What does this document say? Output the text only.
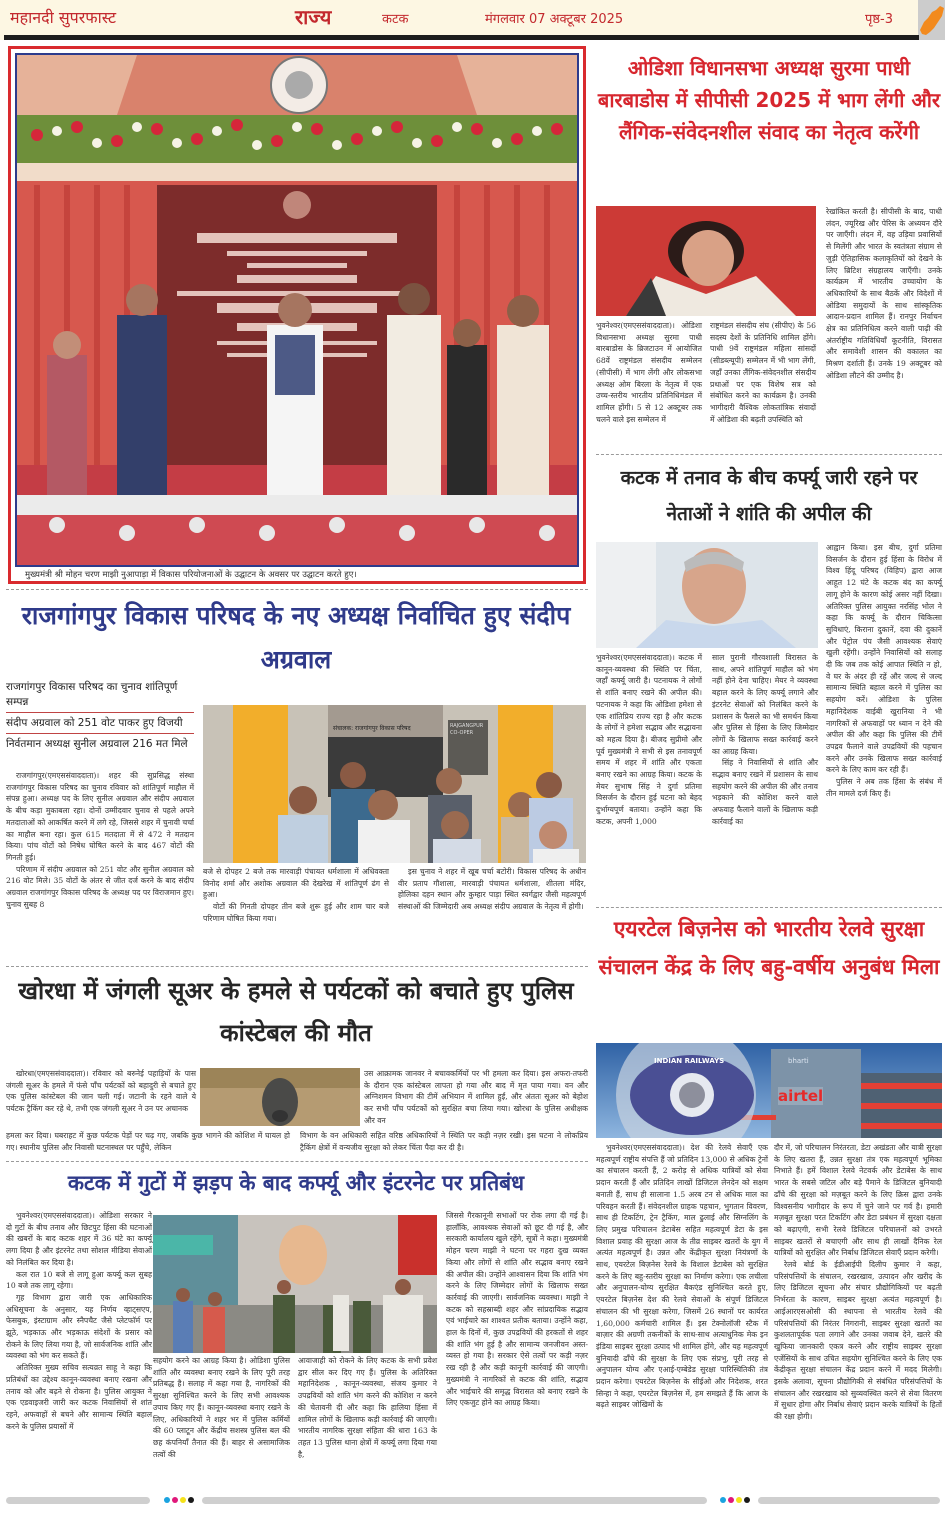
महानदी सुपरफास्ट	राज्य	कटक	मंगलवार 07 अक्टूबर 2025	पृष्ठ-3
मुख्यमंत्री श्री मोहन चरण माझी नुआपाड़ा में विकास परियोजनाओं के उद्घाटन के अवसर पर उद्घाटन करते हुए।
ओडिशा विधानसभा अध्यक्ष सुरमा पाधी बारबाडोस में सीपीसी 2025 में भाग लेंगी और लैंगिक-संवेदनशील संवाद का नेतृत्व करेंगी
भुवनेश्वर(एमएससंवाददाता)। ओडिशा विधानसभा अध्यक्ष सुरमा पाधी बारबाडोस के ब्रिजटाउन में आयोजित 68वें राष्ट्रमंडल संसदीय सम्मेलन (सीपीसी) में भाग लेंगी और लोकसभा अध्यक्ष ओम बिरला के नेतृत्व में एक उच्च-स्तरीय भारतीय प्रतिनिधिमंडल में शामिल होंगी। 5 से 12 अक्टूबर तक चलने वाले इस सम्मेलन में
राष्ट्रमंडल संसदीय संघ (सीपीए) के 56 सदस्य देशों के प्रतिनिधि शामिल होंगे। पाधी 9वें राष्ट्रमंडल महिला सांसदों (सीडब्ल्यूपी) सम्मेलन में भी भाग लेंगी, जहाँ उनका लैंगिक-संवेदनशील संसदीय प्रथाओं पर एक विशेष सत्र को संबोधित करने का कार्यक्रम है। उनकी भागीदारी वैश्विक लोकतांत्रिक संवादों में ओडिशा की बढ़ती उपस्थिति को
रेखांकित करती है। सीपीसी के बाद, पाधी लंदन, ज्यूरिख और पेरिस के अध्ययन दौरे पर जाएँगी। लंदन में, वह उड़िया प्रवासियों से मिलेंगी और भारत के स्वतंत्रता संग्राम से जुड़ी ऐतिहासिक कलाकृतियों को देखने के लिए ब्रिटिश संग्रहालय जाएँगी। उनके कार्यक्रम में भारतीय उच्चायोग के अधिकारियों के साथ बैठकें और विदेशों में ओडिया समुदायों के साथ सांस्कृतिक आदान-प्रदान शामिल हैं। रानपुर निर्वाचन क्षेत्र का प्रतिनिधित्व करने वाली पाढ़ी की अंतर्राष्ट्रीय गतिविधियाँ कूटनीति, विरासत और समावेशी शासन की वकालत का मिश्रण दर्शाती हैं। उनके 19 अक्टूबर को ओडिशा लौटने की उम्मीद है।
कटक में तनाव के बीच कर्फ्यू जारी रहने पर नेताओं ने शांति की अपील की
भुवनेश्वर(एमएससंवाददाता)। कटक में कानून-व्यवस्था की स्थिति पर चिंता, जहाँ कर्फ्यू जारी है। पटनायक ने लोगों से शांति बनाए रखने की अपील की। पटनायक ने कहा कि ओडिशा हमेशा से एक शांतिप्रिय राज्य रहा है और कटक के लोगों ने हमेशा सद्भाव और सद्भावना को महत्व दिया है। बीजद सुप्रीमो और पूर्व मुख्यमंत्री ने सभी से इस तनावपूर्ण समय में शहर में शांति और एकता बनाए रखने का आग्रह किया। कटक के मेयर सुभाष सिंह ने दुर्गा प्रतिमा विसर्जन के दौरान हुई घटना को बेहद दुर्भाग्यपूर्ण बताया। उन्होंने कहा कि कटक, अपनी 1,000

साल पुरानी गौरवशाली विरासत के साथ, अपने शांतिपूर्ण माहौल को भंग नहीं होने देना चाहिए। मेयर ने व्यवस्था बहाल करने के लिए कर्फ्यू लगाने और इंटरनेट सेवाओं को निलंबित करने के प्रशासन के फैसले का भी समर्थन किया और पुलिस से हिंसा के लिए जिम्मेदार लोगों के खिलाफ सख्त कार्रवाई करने का आग्रह किया।

सिंह ने निवासियों से शांति और सद्भाव बनाए रखने में प्रशासन के साथ सहयोग करने की अपील की और तनाव भड़काने की कोशिश करने वाले अफवाह फैलाने वालों के खिलाफ कड़ी कार्रवाई का

आह्वान किया। इस बीच, दुर्गा प्रतिमा विसर्जन के दौरान हुई हिंसा के विरोध में विश्व हिंदू परिषद (विहिप) द्वारा आज आहूत 12 घंटे के कटक बंद का कर्फ्यू लागू होने के कारण कोई असर नहीं दिखा। अतिरिक्त पुलिस आयुक्त नरसिंह भोल ने कहा कि कर्फ्यू के दौरान चिकित्सा सुविधाएं, किराना दुकानें, दवा की दुकानें और पेट्रोल पंप जैसी आवश्यक सेवाएं खुली रहेंगी। उन्होंने निवासियों को सलाह दी कि जब तक कोई आपात स्थिति न हो, वे घर के अंदर ही रहें और जल्द से जल्द सामान्य स्थिति बहाल करने में पुलिस का सहयोग करें। ओडिशा के पुलिस महानिदेशक वाईबी खुरानिया ने भी नागरिकों से अफवाहों पर ध्यान न देने की अपील की और कहा कि पुलिस की टीमें उपद्रव फैलाने वाले उपद्रवियों की पहचान करने और उनके खिलाफ सख्त कार्रवाई करने के लिए काम कर रही हैं।

पुलिस ने अब तक हिंसा के संबंध में तीन मामले दर्ज किए हैं।

राजगांगपुर विकास परिषद के नए अध्यक्ष निर्वाचित हुए संदीप अग्रवाल
राजगांगपुर विकास परिषद का चुनाव शांतिपूर्ण सम्पन्न
संदीप अग्रवाल को 251 वोट पाकर हुए विजयी
निर्वतमान अध्यक्ष सुनील अग्रवाल 216 मत मिले

राजगांगपुर(एमएससंवाददाता)। शहर की सुप्रसिद्ध संस्था राजगांगपुर विकास परिषद का चुनाव रविवार को शांतिपूर्ण माहौल में संपन्न हुआ। अध्यक्ष पद के लिए सुनील अग्रवाल और संदीप अग्रवाल के बीच कड़ा मुकाबला रहा। दोनों उम्मीदवार चुनाव से पहले अपने मतदाताओं को आकर्षित करने में लगे रहे, जिससे शहर में चुनावी चर्चा का माहौल बना रहा। कुल 615 मतदाता में से 472 ने मतदान किया। पांच वोटों को निषेध घोषित करने के बाद 467 वोटों की गिनती हुई।

परिणाम में संदीप अग्रवाल को 251 वोट और सुनील अग्रवाल को 216 वोट मिले। 35 वोटों के अंतर से जीत दर्ज करने के बाद संदीप अग्रवाल राजगांगपुर विकास परिषद के अध्यक्ष पद पर विराजमान हुए। चुनाव सुबह 8

संचालक: राजगांगपुर विकास परिषद	RAJGANGPUR CO-OPER

बजे से दोपहर 2 बजे तक मारवाड़ी पंचायत धर्मशाला में अधिवक्ता विनोद शर्मा और अशोक अग्रवाल की देखरेख में शांतिपूर्ण ढंग से हुआ।

वोटों की गिनती दोपहर तीन बजे शुरू हुई और शाम चार बजे परिणाम घोषित किया गया।

इस चुनाव ने शहर में खूब चर्चा बटोरी। विकास परिषद के अधीन वीर प्रताप गौशाला, मारवाड़ी पंचायत धर्मशाला, शीतला मंदिर, होलिका दहन स्थान और कुम्हार पाड़ा स्थित स्वर्गद्वार जैसी महत्वपूर्ण संस्थाओं की जिम्मेदारी अब अध्यक्ष संदीप अग्रवाल के नेतृत्व में होगी।

खोरधा में जंगली सूअर के हमले से पर्यटकों को बचाते हुए पुलिस कांस्टेबल की मौत

खोरधा(एमएससंवाददाता)। रविवार को बरुनेई पहाड़ियों के पास जंगली सूअर के हमले में फंसे पाँच पर्यटकों को बहादुरी से बचाते हुए एक पुलिस कांस्टेबल की जान चली गई। जटानी के रहने वाले ये पर्यटक ट्रैकिंग कर रहे थे, तभी एक जंगली सूअर ने उन पर अचानक

उस आक्रामक जानवर ने बचावकर्मियों पर भी हमला कर दिया। इस अफरा-तफरी के दौरान एक कांस्टेबल लापता हो गया और बाद में मृत पाया गया। वन और अग्निशमन विभाग की टीमें अभियान में शामिल हुईं, और अंततः सूअर को बेहोश कर सभी पाँच पर्यटकों को सुरक्षित बचा लिया गया। खोरधा के पुलिस अधीक्षक और वन

हमला कर दिया। घबराहट में कुछ पर्यटक पेड़ों पर चढ़ गए, जबकि कुछ भागने की कोशिश में घायल हो गए। स्थानीय पुलिस और निवासी घटनास्थल पर पहुँचे, लेकिन
विभाग के वन अधिकारी सहित वरिष्ठ अधिकारियों ने स्थिति पर कड़ी नज़र रखी। इस घटना ने लोकप्रिय ट्रैकिंग क्षेत्रों में वन्यजीव सुरक्षा को लेकर चिंता पैदा कर दी है।
कटक में गुटों में झड़प के बाद कर्फ्यू और इंटरनेट पर प्रतिबंध

भुवनेश्वर(एमएससंवाददाता)। ओडिशा सरकार ने दो गुटों के बीच तनाव और छिटपुट हिंसा की घटनाओं की खबरों के बाद कटक शहर में 36 घंटे का कर्फ्यू लगा दिया है और इंटरनेट तथा सोशल मीडिया सेवाओं को निलंबित कर दिया है।

कल रात 10 बजे से लागू हुआ कर्फ्यू कल सुबह 10 बजे तक लागू रहेगा।

गृह विभाग द्वारा जारी एक आधिकारिक अधिसूचना के अनुसार, यह निर्णय व्हाट्सएप, फेसबुक, इंस्टाग्राम और स्नैपचैट जैसे प्लेटफॉर्म पर झूठे, भड़काऊ और भड़काऊ संदेशों के प्रसार को रोकने के लिए लिया गया है, जो सार्वजनिक शांति और व्यवस्था को भंग कर सकते हैं।

अतिरिक्त मुख्य सचिव सत्यव्रत साहू ने कहा कि प्रतिबंधों का उद्देश्य कानून-व्यवस्था बनाए रखना और तनाव को और बढ़ने से रोकना है। पुलिस आयुक्त ने एक एडवाइजरी जारी कर कटक निवासियों से शांत रहने, अफवाहों से बचने और सामान्य स्थिति बहाल करने के पुलिस प्रयासों में

सहयोग करने का आग्रह किया है। ओडिशा पुलिस शांति और व्यवस्था बनाए रखने के लिए पूरी तरह प्रतिबद्ध है। सलाह में कहा गया है, नागरिकों की सुरक्षा सुनिश्चित करने के लिए सभी आवश्यक उपाय किए गए हैं। कानून-व्यवस्था बनाए रखने के लिए, अधिकारियों ने शहर भर में पुलिस कर्मियों की 60 प्लाटून और केंद्रीय सशस्त्र पुलिस बल की छह कंपनियाँ तैनात की हैं। बाहर से असामाजिक तत्वों की
आवाजाही को रोकने के लिए कटक के सभी प्रवेश द्वार सील कर दिए गए हैं। पुलिस के अतिरिक्त महानिदेशक , कानून-व्यवस्था, संजय कुमार ने उपद्रवियों को शांति भंग करने की कोशिश न करने की चेतावनी दी और कहा कि हालिया हिंसा में शामिल लोगों के खिलाफ कड़ी कार्रवाई की जाएगी। भारतीय नागरिक सुरक्षा संहिता की धारा 163 के तहत 13 पुलिस थाना क्षेत्रों में कर्फ्यू लगा दिया गया है,
जिससे गैरकानूनी सभाओं पर रोक लगा दी गई है। हालाँकि, आवश्यक सेवाओं को छूट दी गई है, और सरकारी कार्यालय खुले रहेंगे, सूत्रों ने कहा। मुख्यमंत्री मोहन चरण माझी ने घटना पर गहरा दुख व्यक्त किया और लोगों से शांति और सद्भाव बनाए रखने की अपील की। उन्होंने आश्वासन दिया कि शांति भंग करने के लिए जिम्मेदार लोगों के खिलाफ सख्त कार्रवाई की जाएगी। सार्वजनिक व्यवस्था। माझी ने कटक को सहस्राब्दी शहर और सांप्रदायिक सद्भाव एवं भाईचारे का शाश्वत प्रतीक बताया। उन्होंने कहा, हाल के दिनों में, कुछ उपद्रवियों की हरकतों से शहर की शांति भंग हुई है और सामान्य जनजीवन अस्त-व्यस्त हो गया है। सरकार ऐसे तत्वों पर कड़ी नज़र रख रही है और कड़ी कानूनी कार्रवाई की जाएगी। मुख्यमंत्री ने नागरिकों से कटक की शांति, सद्भाव और भाईचारे की समृद्ध विरासत को बनाए रखने के लिए एकजुट होने का आग्रह किया।
एयरटेल बिज़नेस को भारतीय रेलवे सुरक्षा संचालन केंद्र के लिए बहु-वर्षीय अनुबंध मिला
INDIAN RAILWAYS
airtel
bharti

भुवनेश्वर(एमएससंवाददाता)। देश की रेलवे सेवाएँ एक महत्वपूर्ण राष्ट्रीय संपत्ति हैं जो प्रतिदिन 13,000 से अधिक ट्रेनों का संचालन करती हैं, 2 करोड़ से अधिक यात्रियों को सेवा प्रदान करती हैं और प्रतिदिन लाखों डिजिटल लेनदेन को सक्षम बनाती हैं, साथ ही सालाना 1.5 अरब टन से अधिक माल का परिवहन करती हैं। संवेदनशील ग्राहक पहचान, भुगतान विवरण, साथ ही टिकटिंग, ट्रेन ट्रैकिंग, माल ढुलाई और सिग्नलिंग के लिए प्रमुख परिचालन डेटाबेस सहित महत्वपूर्ण डेटा के इस विशाल प्रवाह की सुरक्षा आज के तीव्र साइबर खतरों के युग में अत्यंत महत्वपूर्ण है। उन्नत और केंद्रीकृत सुरक्षा नियंत्रणों के साथ, एयरटेल बिज़नेस रेलवे के विशाल डेटाबेस को सुरक्षित करने के लिए बहु-स्तरीय सुरक्षा का निर्माण करेगा। एक लचीला और अनुपालन-योग्य सुरक्षित बैकएंड सुनिश्चित करते हुए, एयरटेल बिज़नेस देश की रेलवे सेवाओं के संपूर्ण डिजिटल संचालन की भी सुरक्षा करेगा, जिसमें 26 स्थानों पर कार्यरत 1,60,000 कर्मचारी शामिल हैं। इस टेक्नोलॉजी स्टैक में बाज़ार की अग्रणी तकनीकों के साथ-साथ अत्याधुनिक मेक इन इंडिया साइबर सुरक्षा उत्पाद भी शामिल होंगे, और यह महत्वपूर्ण बुनियादी ढाँचे की सुरक्षा के लिए एक संप्रभु, पूरी तरह से अनुपालन योग्य और एआई-एम्बेडेड सुरक्षा पारिस्थितिकी तंत्र प्रदान करेगा। एयरटेल बिज़नेस के सीईओ और निदेशक, शरत सिन्हा ने कहा, एयरटेल बिज़नेस में, हम समझते हैं कि आज के बढ़ते साइबर जोखिमों के

दौर में, जो परिचालन निरंतरता, डेटा अखंडता और यात्री सुरक्षा के लिए खतरा हैं, उन्नत सुरक्षा तंत्र एक महत्वपूर्ण भूमिका निभाते हैं। हमें विशाल रेलवे नेटवर्क और डेटाबेस के साथ भारत के सबसे जटिल और बड़े पैमाने के डिजिटल बुनियादी ढाँचे की सुरक्षा को मज़बूत करने के लिए क्रिस द्वारा उनके विश्वसनीय भागीदार के रूप में चुने जाने पर गर्व है। हमारी मज़बूत सुरक्षा परत टिकटिंग और डेटा प्रबंधन में सुरक्षा दक्षता को बढ़ाएगी, सभी रेलवे डिजिटल परिचालनों को उभरते साइबर खतरों से बचाएगी और साथ ही लाखों दैनिक रेल यात्रियों को सुरक्षित और निर्बाध डिजिटल सेवाएँ प्रदान करेगी।

रेलवे बोर्ड के ईडीआईपी दिलीप कुमार ने कहा, परिसंपत्तियों के संचालन, रखरखाव, उत्पादन और खरीद के लिए डिजिटल सूचना और संचार प्रौद्योगिकियों पर बढ़ती निर्भरता के कारण, साइबर सुरक्षा अत्यंत महत्वपूर्ण है। आईआरएसओसी की स्थापना से भारतीय रेलवे की परिसंपत्तियों की निरंतर निगरानी, साइबर सुरक्षा खतरों का कुशलतापूर्वक पता लगाने और उनका जवाब देने, खतरे की खुफिया जानकारी एकत्र करने और राष्ट्रीय साइबर सुरक्षा एजेंसियों के साथ उचित सहयोग सुनिश्चित करने के लिए एक केंद्रीकृत सुरक्षा संचालन केंद्र प्रदान करने में मदद मिलेगी। इसके अलावा, सूचना प्रौद्योगिकी से संबंधित परिसंपत्तियों के संचालन और रखरखाव को सुव्यवस्थित करने से सेवा वितरण में सुधार होगा और निर्बाध सेवाएं प्रदान करके यात्रियों के हितों की रक्षा होगी।
